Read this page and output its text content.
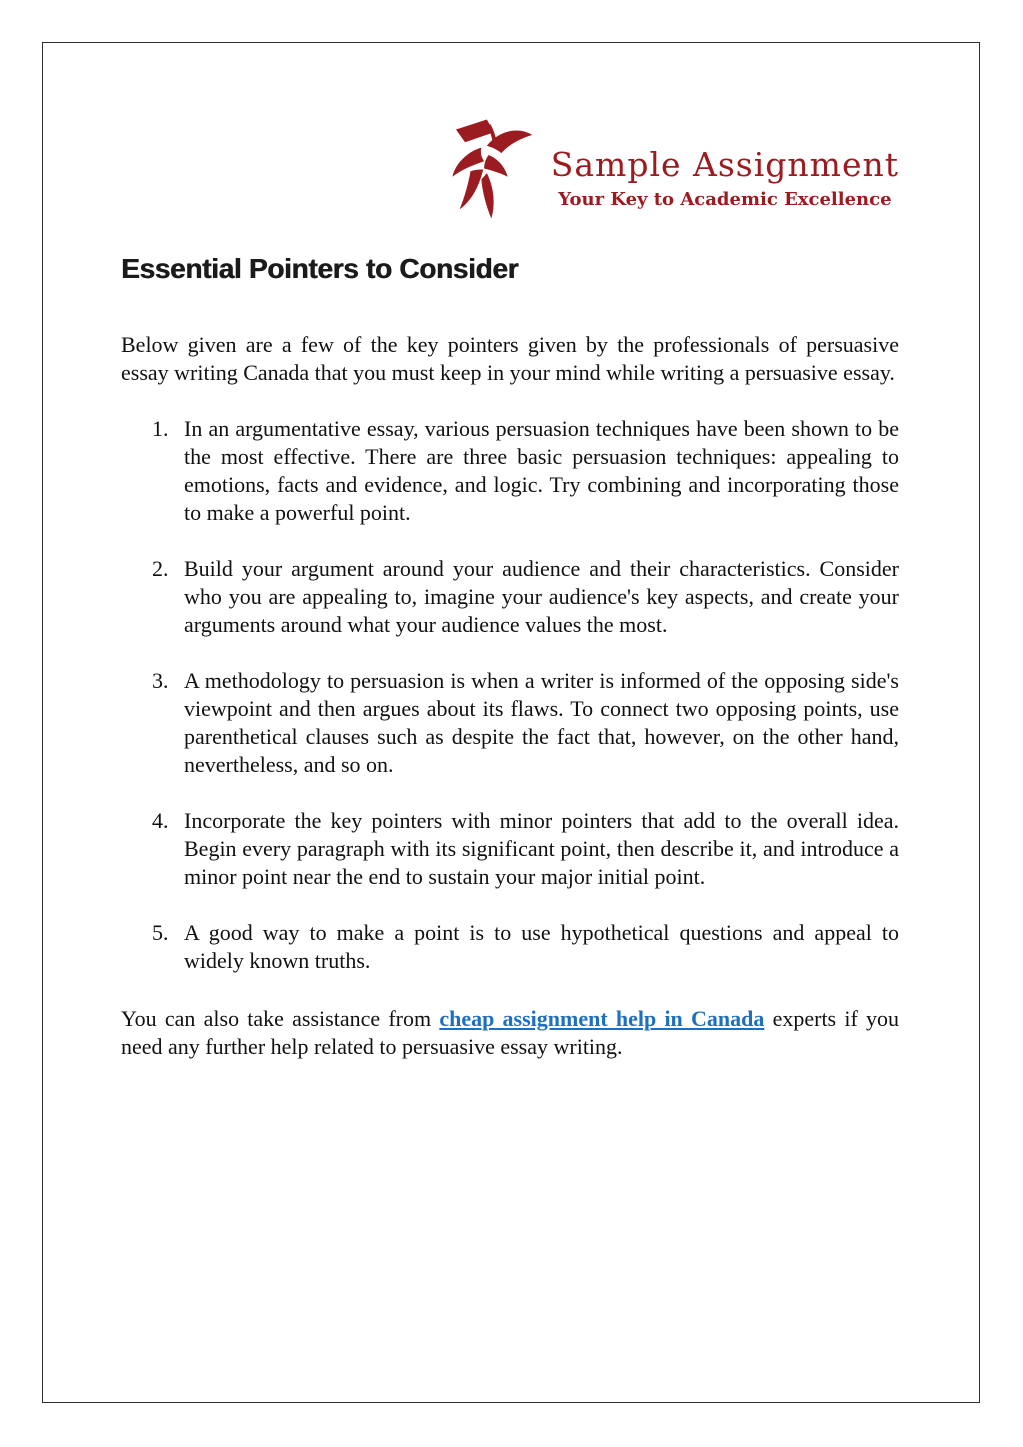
Sample Assignment
Your Key to Academic Excellence
Essential Pointers to Consider

Below given are a few of the key pointers given by the professionals of persuasive essay writing Canada that you must keep in your mind while writing a persuasive essay.

1. In an argumentative essay, various persuasion techniques have been shown to be the most effective. There are three basic persuasion techniques: appealing to emotions, facts and evidence, and logic. Try combining and incorporating those to make a powerful point.
2. Build your argument around your audience and their characteristics. Consider who you are appealing to, imagine your audience's key aspects, and create your arguments around what your audience values the most.
3. A methodology to persuasion is when a writer is informed of the opposing side's viewpoint and then argues about its flaws. To connect two opposing points, use parenthetical clauses such as despite the fact that, however, on the other hand, nevertheless, and so on.
4. Incorporate the key pointers with minor pointers that add to the overall idea. Begin every paragraph with its significant point, then describe it, and introduce a minor point near the end to sustain your major initial point.
5. A good way to make a point is to use hypothetical questions and appeal to widely known truths.

You can also take assistance from cheap assignment help in Canada experts if you need any further help related to persuasive essay writing.
